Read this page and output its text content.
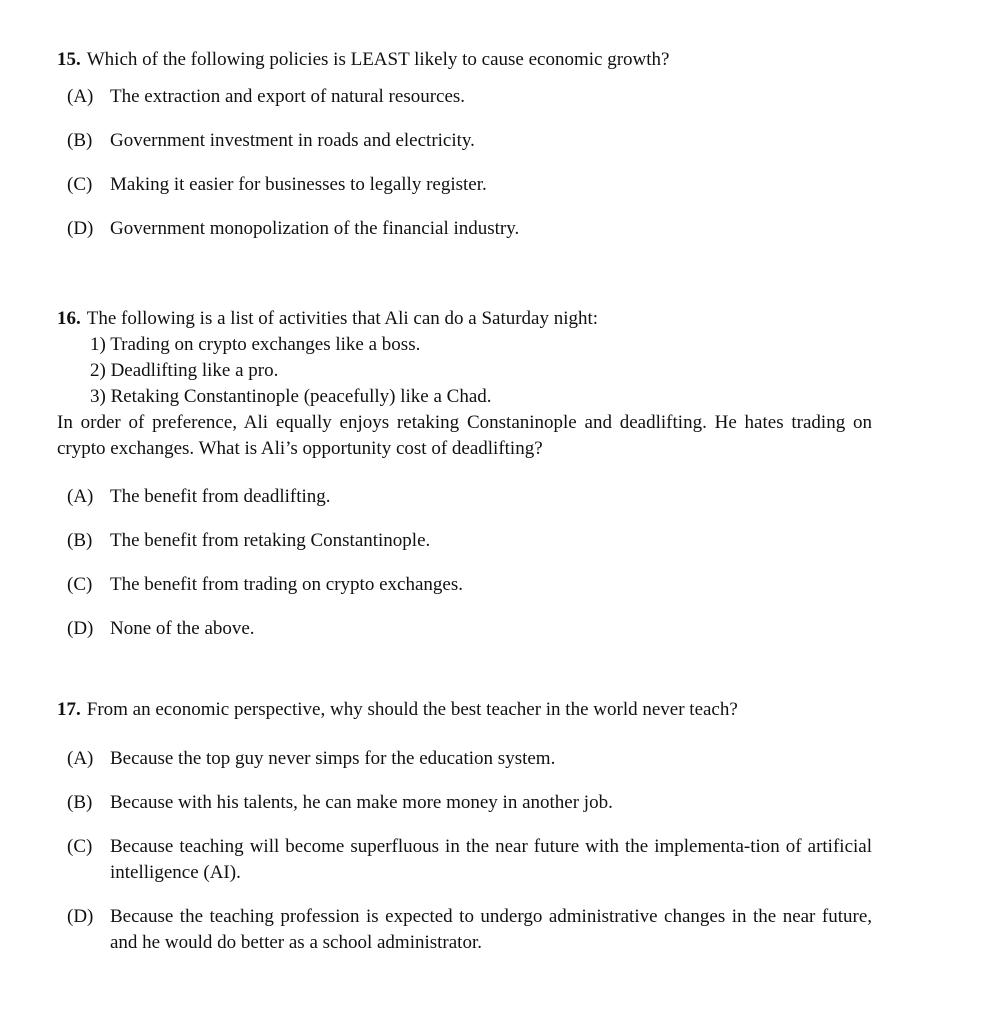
15. Which of the following policies is LEAST likely to cause economic growth?
(A) The extraction and export of natural resources.
(B) Government investment in roads and electricity.
(C) Making it easier for businesses to legally register.
(D) Government monopolization of the financial industry.
16. The following is a list of activities that Ali can do a Saturday night:
1) Trading on crypto exchanges like a boss.
2) Deadlifting like a pro.
3) Retaking Constantinople (peacefully) like a Chad.
In order of preference, Ali equally enjoys retaking Constaninople and deadlifting. He hates trading on crypto exchanges. What is Ali’s opportunity cost of deadlifting?
(A) The benefit from deadlifting.
(B) The benefit from retaking Constantinople.
(C) The benefit from trading on crypto exchanges.
(D) None of the above.
17. From an economic perspective, why should the best teacher in the world never teach?
(A) Because the top guy never simps for the education system.
(B) Because with his talents, he can make more money in another job.
(C) Because teaching will become superfluous in the near future with the implementa-tion of artificial intelligence (AI).
(D) Because the teaching profession is expected to undergo administrative changes in the near future, and he would do better as a school administrator.
